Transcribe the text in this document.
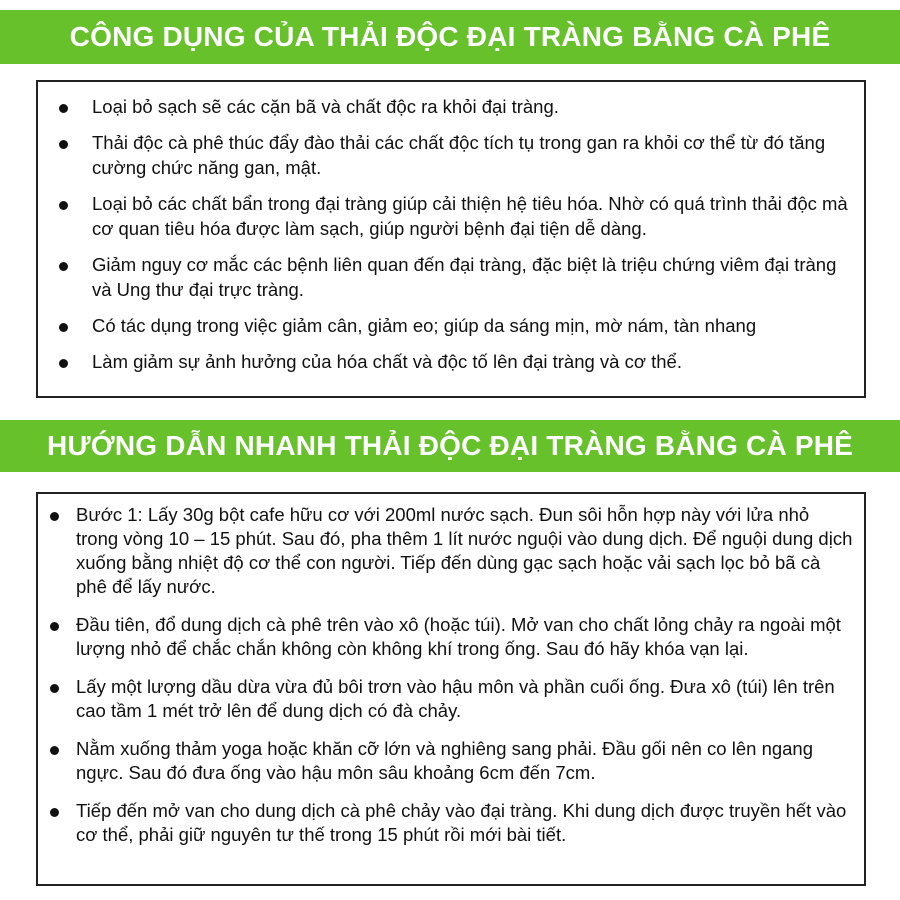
CÔNG DỤNG CỦA THẢI ĐỘC ĐẠI TRÀNG BẰNG CÀ PHÊ
Loại bỏ sạch sẽ các cặn bã và chất độc ra khỏi đại tràng.
Thải độc cà phê thúc đẩy đào thải các chất độc tích tụ trong gan ra khỏi cơ thể từ đó tăng cường chức năng gan, mật.
Loại bỏ các chất bẩn trong đại tràng giúp cải thiện hệ tiêu hóa. Nhờ có quá trình thải độc mà cơ quan tiêu hóa được làm sạch, giúp người bệnh đại tiện dễ dàng.
Giảm nguy cơ mắc các bệnh liên quan đến đại tràng, đặc biệt là triệu chứng viêm đại tràng và Ung thư đại trực tràng.
Có tác dụng trong việc giảm cân, giảm eo; giúp da sáng mịn, mờ nám, tàn nhang
Làm giảm sự ảnh hưởng của hóa chất và độc tố lên đại tràng và cơ thể.
HƯỚNG DẪN NHANH THẢI ĐỘC ĐẠI TRÀNG BẰNG CÀ PHÊ
Bước 1: Lấy 30g bột cafe hữu cơ với 200ml nước sạch. Đun sôi hỗn hợp này với lửa nhỏ trong vòng 10 – 15 phút. Sau đó, pha thêm 1 lít nước nguội vào dung dịch. Để nguội dung dịch xuống bằng nhiệt độ cơ thể con người. Tiếp đến dùng gạc sạch hoặc vải sạch lọc bỏ bã cà phê để lấy nước.
Đầu tiên, đổ dung dịch cà phê trên vào xô (hoặc túi). Mở van cho chất lỏng chảy ra ngoài một lượng nhỏ để chắc chắn không còn không khí trong ống. Sau đó hãy khóa vạn lại.
Lấy một lượng dầu dừa vừa đủ bôi trơn vào hậu môn và phần cuối ống. Đưa xô (túi) lên trên cao tầm 1 mét trở lên để dung dịch có đà chảy.
Nằm xuống thảm yoga hoặc khăn cỡ lớn và nghiêng sang phải. Đầu gối nên co lên ngang ngực. Sau đó đưa ống vào hậu môn sâu khoảng 6cm đến 7cm.
Tiếp đến mở van cho dung dịch cà phê chảy vào đại tràng. Khi dung dịch được truyền hết vào cơ thể, phải giữ nguyên tư thế trong 15 phút rồi mới bài tiết.
